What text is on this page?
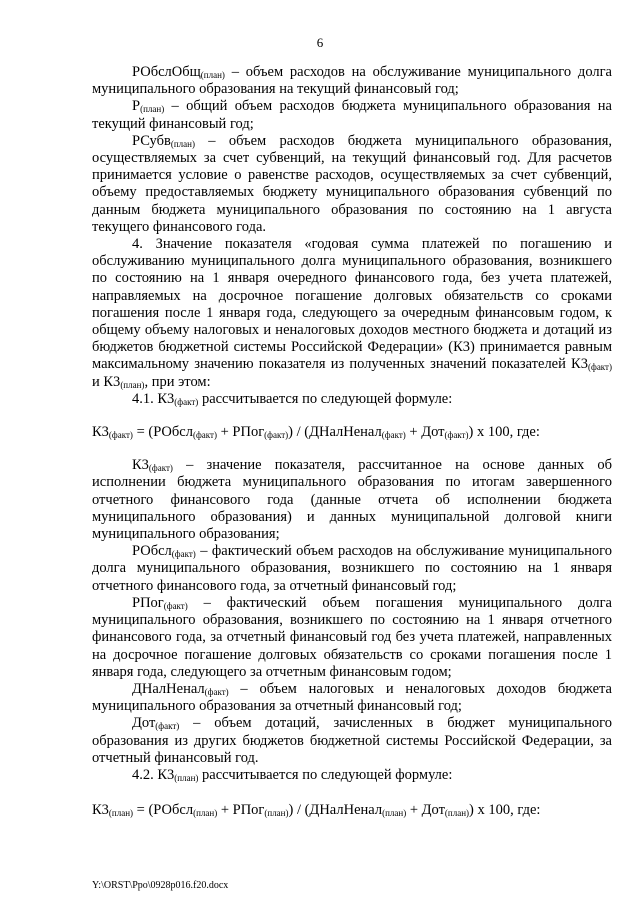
6

РОбслОбщ$_{(план)}$ – объем расходов на обслуживание муниципального долга муниципального образования на текущий финансовый год;

$Р_{(план)}$ – общий объем расходов бюджета муниципального образования на текущий финансовый год;

РСубв$_{(план)}$ – объем расходов бюджета муниципального образования, осуществляемых за счет субвенций, на текущий финансовый год. Для расчетов принимается условие о равенстве расходов, осуществляемых за счет субвенций, объему предоставляемых бюджету муниципального образования субвенций по данным бюджета муниципального образования по состоянию на 1 августа текущего финансового года.

4. Значение показателя «годовая сумма платежей по погашению и обслуживанию муниципального долга муниципального образования, возникшего по состоянию на 1 января очередного финансового года, без учета платежей, направляемых на досрочное погашение долговых обязательств со сроками погашения после 1 января года, следующего за очередным финансовым годом, к общему объему налоговых и неналоговых доходов местного бюджета и дотаций из бюджетов бюджетной системы Российской Федерации» (К3) принимается равным максимальному значению показателя из полученных значений показателей $К3_{(факт)}$ и $К3_{(план)}$, при этом:

4.1. $К3_{(факт)}$ рассчитывается по следующей формуле:

$К3_{(факт)}$ = (РОбсл$_{(факт)}$ + РПог$_{(факт)}$) / (ДНалНенал$_{(факт)}$ + Дот$_{(факт)}$) х 100, где:

$К3_{(факт)}$ – значение показателя, рассчитанное на основе данных об исполнении бюджета муниципального образования по итогам завершенного отчетного финансового года (данные отчета об исполнении бюджета муниципального образования) и данных муниципальной долговой книги муниципального образования;

РОбсл$_{(факт)}$ – фактический объем расходов на обслуживание муниципального долга муниципального образования, возникшего по состоянию на 1 января отчетного финансового года, за отчетный финансовый год;

РПог$_{(факт)}$ – фактический объем погашения муниципального долга муниципального образования, возникшего по состоянию на 1 января отчетного финансового года, за отчетный финансовый год без учета платежей, направленных на досрочное погашение долговых обязательств со сроками погашения после 1 января года, следующего за отчетным финансовым годом;

ДНалНенал$_{(факт)}$ – объем налоговых и неналоговых доходов бюджета муниципального образования за отчетный финансовый год;

Дот$_{(факт)}$ – объем дотаций, зачисленных в бюджет муниципального образования из других бюджетов бюджетной системы Российской Федерации, за отчетный финансовый год.

4.2. $К3_{(план)}$ рассчитывается по следующей формуле:

$К3_{(план)}$ = (РОбсл$_{(план)}$ + РПог$_{(план)}$) / (ДНалНенал$_{(план)}$ + Дот$_{(план)}$) х 100, где:

Y:\ORST\Ppo\0928p016.f20.docx
